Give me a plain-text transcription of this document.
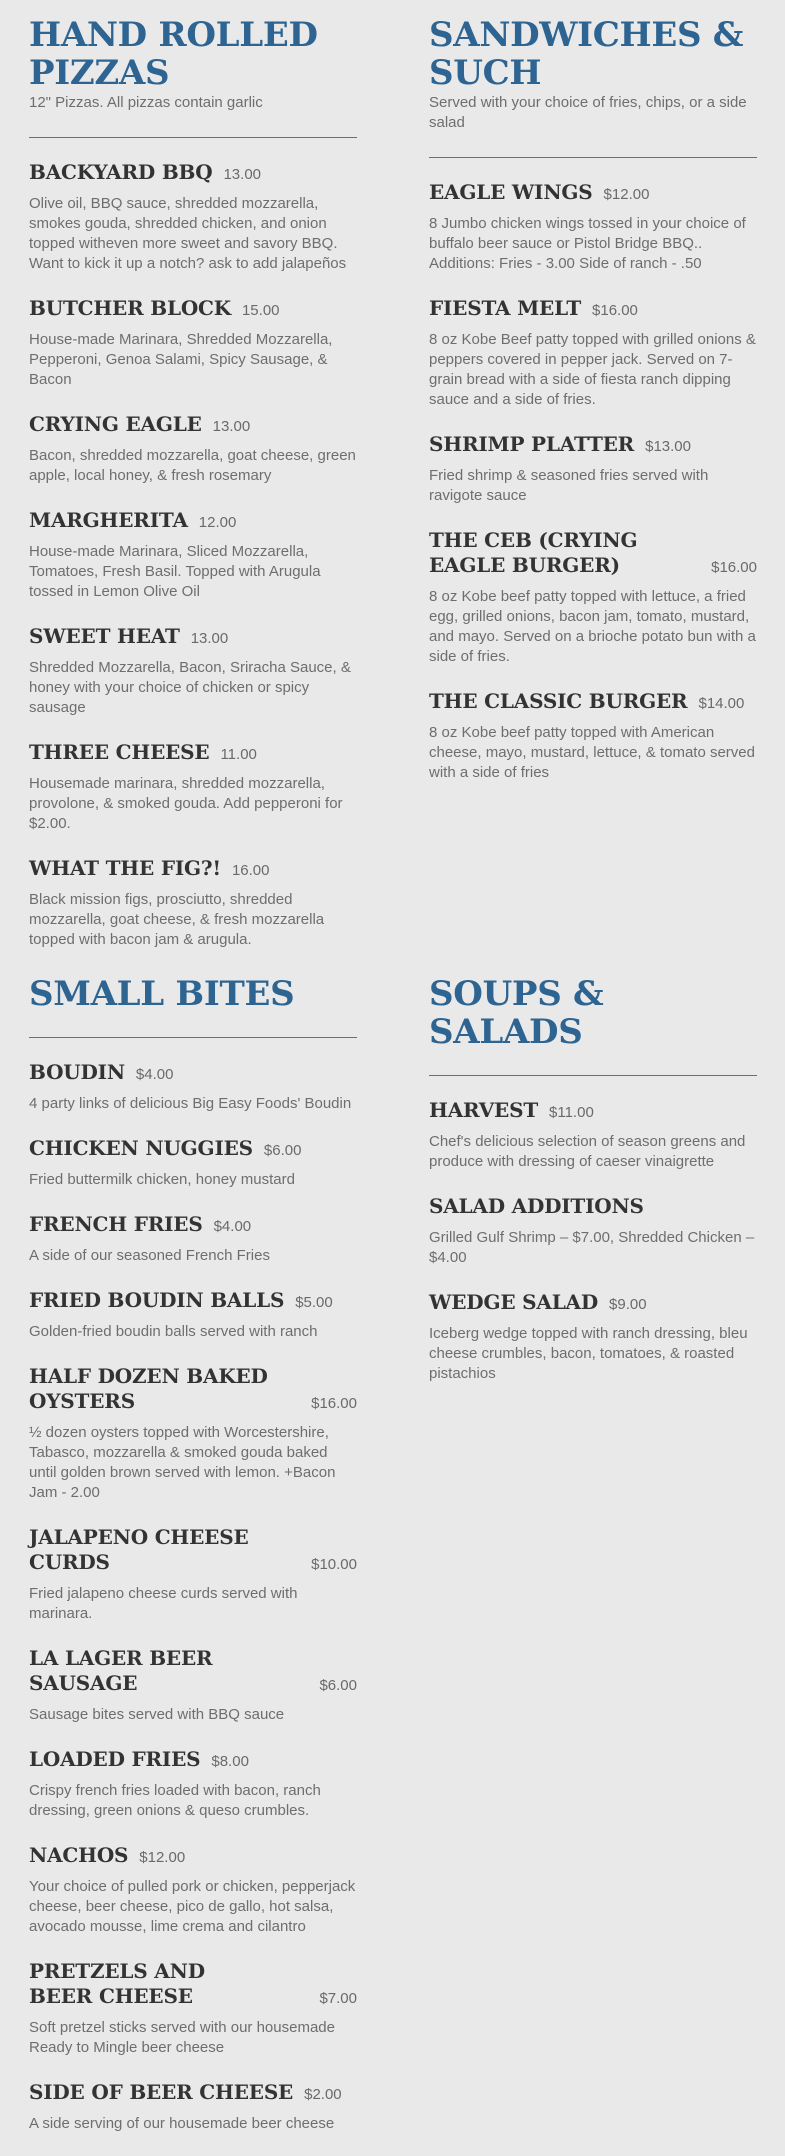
HAND ROLLED PIZZAS

12" Pizzas. All pizzas contain garlic

BACKYARD BBQ 13.00

Olive oil, BBQ sauce, shredded mozzarella, smokes gouda, shredded chicken, and onion topped witheven more sweet and savory BBQ. Want to kick it up a notch? ask to add jalapeños

BUTCHER BLOCK 15.00

House-made Marinara, Shredded Mozzarella, Pepperoni, Genoa Salami, Spicy Sausage, & Bacon

CRYING EAGLE 13.00

Bacon, shredded mozzarella, goat cheese, green apple, local honey, & fresh rosemary

MARGHERITA 12.00

House-made Marinara, Sliced Mozzarella, Tomatoes, Fresh Basil. Topped with Arugula tossed in Lemon Olive Oil

SWEET HEAT 13.00

Shredded Mozzarella, Bacon, Sriracha Sauce, & honey with your choice of chicken or spicy sausage

THREE CHEESE 11.00

Housemade marinara, shredded mozzarella, provolone, & smoked gouda. Add pepperoni for $2.00.

WHAT THE FIG?! 16.00

Black mission figs, prosciutto, shredded mozzarella, goat cheese, & fresh mozzarella topped with bacon jam & arugula.

SANDWICHES & SUCH

Served with your choice of fries, chips, or a side salad

EAGLE WINGS $12.00

8 Jumbo chicken wings tossed in your choice of buffalo beer sauce or Pistol Bridge BBQ.. Additions: Fries - 3.00 Side of ranch - .50

FIESTA MELT $16.00

8 oz Kobe Beef patty topped with grilled onions & peppers covered in pepper jack. Served on 7-grain bread with a side of fiesta ranch dipping sauce and a side of fries.

SHRIMP PLATTER $13.00

Fried shrimp & seasoned fries served with ravigote sauce

THE CEB (CRYING EAGLE BURGER)	$16.00

8 oz Kobe beef patty topped with lettuce, a fried egg, grilled onions, bacon jam, tomato, mustard, and mayo. Served on a brioche potato bun with a side of fries.

THE CLASSIC BURGER $14.00

8 oz Kobe beef patty topped with American cheese, mayo, mustard, lettuce, & tomato served with a side of fries

SMALL BITES
BOUDIN $4.00

4 party links of delicious Big Easy Foods' Boudin

CHICKEN NUGGIES $6.00

Fried buttermilk chicken, honey mustard

FRENCH FRIES $4.00

A side of our seasoned French Fries

FRIED BOUDIN BALLS $5.00

Golden-fried boudin balls served with ranch

HALF DOZEN BAKED OYSTERS	$16.00

½ dozen oysters topped with Worcestershire, Tabasco, mozzarella & smoked gouda baked until golden brown served with lemon. +Bacon Jam - 2.00

JALAPENO CHEESE CURDS	$10.00

Fried jalapeno cheese curds served with marinara.

LA LAGER BEER SAUSAGE	$6.00

Sausage bites served with BBQ sauce

LOADED FRIES $8.00

Crispy french fries loaded with bacon, ranch dressing, green onions & queso crumbles.

NACHOS $12.00

Your choice of pulled pork or chicken, pepperjack cheese, beer cheese, pico de gallo, hot salsa, avocado mousse, lime crema and cilantro

PRETZELS AND BEER CHEESE	$7.00

Soft pretzel sticks served with our housemade Ready to Mingle beer cheese

SIDE OF BEER CHEESE $2.00

A side serving of our housemade beer cheese

SOUPS & SALADS
HARVEST $11.00

Chef's delicious selection of season greens and produce with dressing of caeser vinaigrette

SALAD ADDITIONS

Grilled Gulf Shrimp – $7.00, Shredded Chicken – $4.00

WEDGE SALAD $9.00

Iceberg wedge topped with ranch dressing, bleu cheese crumbles, bacon, tomatoes, & roasted pistachios
